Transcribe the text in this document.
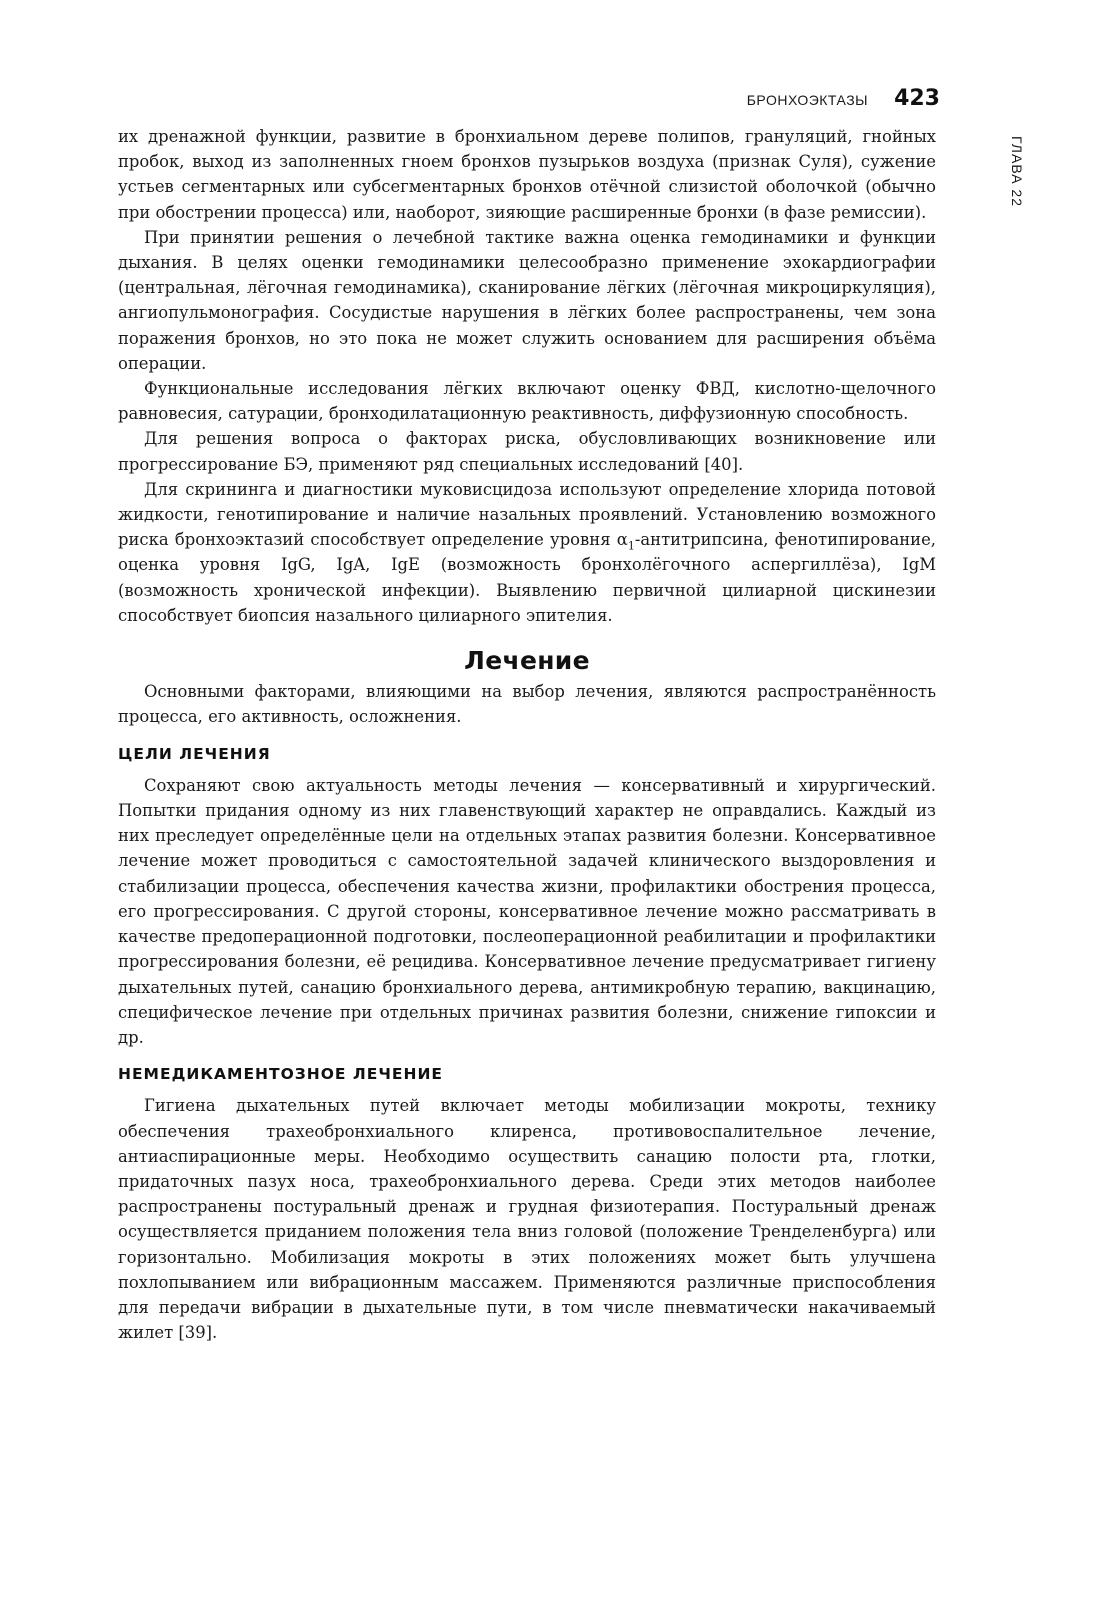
БРОНХОЭКТАЗЫ 423
ГЛАВА 22

их дренажной функции, развитие в бронхиальном дереве полипов, грануляций, гнойных пробок, выход из заполненных гноем бронхов пузырьков воздуха (признак Суля), сужение устьев сегментарных или субсегментарных бронхов отёчной слизистой оболочкой (обычно при обострении процесса) или, наоборот, зияющие расширенные бронхи (в фазе ремиссии).

При принятии решения о лечебной тактике важна оценка гемодинамики и функции дыхания. В целях оценки гемодинамики целесообразно применение эхокардиографии (центральная, лёгочная гемодинамика), сканирование лёгких (лёгочная микроциркуляция), ангиопульмонография. Сосудистые нарушения в лёгких более распространены, чем зона поражения бронхов, но это пока не может служить основанием для расширения объёма операции.

Функциональные исследования лёгких включают оценку ФВД, кислотно-щелочного равновесия, сатурации, бронходилатационную реактивность, диффузионную способность.

Для решения вопроса о факторах риска, обусловливающих возникновение или прогрессирование БЭ, применяют ряд специальных исследований [40].

Для скрининга и диагностики муковисцидоза используют определение хлорида потовой жидкости, генотипирование и наличие назальных проявлений. Установлению возможного риска бронхоэктазий способствует определение уровня $\alpha_1$-антитрипсина, фенотипирование, оценка уровня IgG, IgA, IgE (возможность бронхолёгочного аспергиллёза), IgM (возможность хронической инфекции). Выявлению первичной цилиарной цискинезии способствует биопсия назального цилиарного эпителия.

Лечение

Основными факторами, влияющими на выбор лечения, являются распространённость процесса, его активность, осложнения.

ЦЕЛИ ЛЕЧЕНИЯ

Сохраняют свою актуальность методы лечения — консервативный и хирургический. Попытки придания одному из них главенствующий характер не оправдались. Каждый из них преследует определённые цели на отдельных этапах развития болезни. Консервативное лечение может проводиться с самостоятельной задачей клинического выздоровления и стабилизации процесса, обеспечения качества жизни, профилактики обострения процесса, его прогрессирования. С другой стороны, консервативное лечение можно рассматривать в качестве предоперационной подготовки, послеоперационной реабилитации и профилактики прогрессирования болезни, её рецидива. Консервативное лечение предусматривает гигиену дыхательных путей, санацию бронхиального дерева, антимикробную терапию, вакцинацию, специфическое лечение при отдельных причинах развития болезни, снижение гипоксии и др.

НЕМЕДИКАМЕНТОЗНОЕ ЛЕЧЕНИЕ

Гигиена дыхательных путей включает методы мобилизации мокроты, технику обеспечения трахеобронхиального клиренса, противовоспалительное лечение, антиаспирационные меры. Необходимо осуществить санацию полости рта, глотки, придаточных пазух носа, трахеобронхиального дерева. Среди этих методов наиболее распространены постуральный дренаж и грудная физиотерапия. Постуральный дренаж осуществляется приданием положения тела вниз головой (положение Тренделенбурга) или горизонтально. Мобилизация мокроты в этих положениях может быть улучшена похлопыванием или вибрационным массажем. Применяются различные приспособления для передачи вибрации в дыхательные пути, в том числе пневматически накачиваемый жилет [39].
